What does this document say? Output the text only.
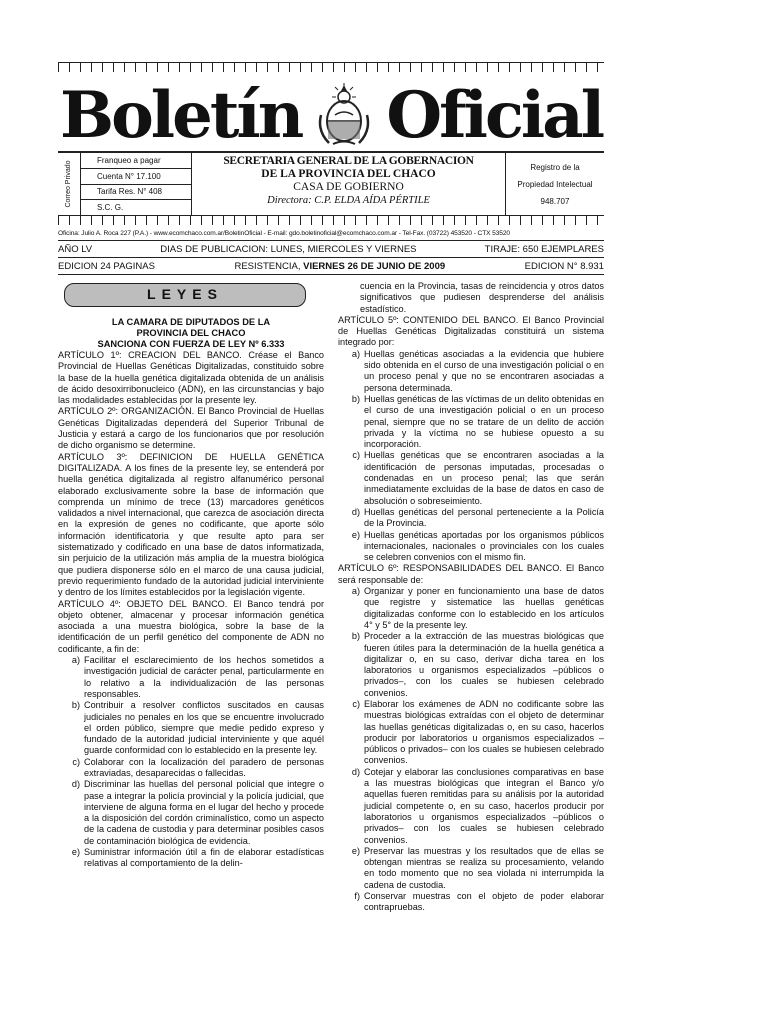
Boletín Oficial
Correo Privado
Franqueo a pagar
Cuenta N° 17.100
Tarifa Res. N° 408
S.C. G.
SECRETARIA GENERAL DE LA GOBERNACION
DE LA PROVINCIA DEL CHACO
CASA DE GOBIERNO
Directora: C.P. ELDA AÍDA PÉRTILE
Registro de la
Propiedad Intelectual
948.707
Oficina: Julio A. Roca 227 (P.A.) - www.ecomchaco.com.ar/BoletinOficial - E-mail: gdo.boletinoficial@ecomchaco.com.ar - Tel-Fax. (03722) 453520 - CTX 53520
AÑO LV	DIAS DE PUBLICACION: LUNES, MIERCOLES Y VIERNES	TIRAJE: 650 EJEMPLARES
EDICION 24 PAGINAS	RESISTENCIA, VIERNES 26 DE JUNIO DE 2009	EDICION N° 8.931
LEYES
LA CAMARA DE DIPUTADOS DE LA
PROVINCIA DEL CHACO
SANCIONA CON FUERZA DE LEY Nº 6.333

ARTÍCULO 1º: CREACION DEL BANCO. Créase el Banco Provincial de Huellas Genéticas Digitalizadas, constituido sobre la base de la huella genética digitalizada obtenida de un análisis de ácido desoxirribonucleico (ADN), en las circunstancias y bajo las modalidades establecidas por la presente ley.

ARTÍCULO 2º: ORGANIZACIÓN. El Banco Provincial de Huellas Genéticas Digitalizadas dependerá del Superior Tribunal de Justicia y estará a cargo de los funcionarios que por resolución de dicho organismo se determine.

ARTÍCULO 3º: DEFINICION DE HUELLA GENÉTICA DIGITALIZADA. A los fines de la presente ley, se entenderá por huella genética digitalizada al registro alfanumérico personal elaborado exclusivamente sobre la base de información que comprenda un mínimo de trece (13) marcadores genéticos validados a nivel internacional, que carezca de asociación directa en la expresión de genes no codificante, que aporte sólo información identificatoria y que resulte apto para ser sistematizado y codificado en una base de datos informatizada, sin perjuicio de la utilización más amplia de la muestra biológica que pudiera disponerse sólo en el marco de una causa judicial, previo requerimiento fundado de la autoridad judicial interviniente y dentro de los límites establecidos por la legislación vigente.

ARTÍCULO 4º: OBJETO DEL BANCO. El Banco tendrá por objeto obtener, almacenar y procesar información genética asociada a una muestra biológica, sobre la base de la identificación de un perfil genético del componente de ADN no codificante, a fin de:

a) Facilitar el esclarecimiento de los hechos sometidos a investigación judicial de carácter penal, particularmente en lo relativo a la individualización de las personas responsables.
b) Contribuir a resolver conflictos suscitados en causas judiciales no penales en los que se encuentre involucrado el orden público, siempre que medie pedido expreso y fundado de la autoridad judicial interviniente y que aquél guarde conformidad con lo establecido en la presente ley.
c) Colaborar con la localización del paradero de personas extraviadas, desaparecidas o fallecidas.
d) Discriminar las huellas del personal policial que integre o pase a integrar la policía provincial y la policía judicial, que interviene de alguna forma en el lugar del hecho y procede a la disposición del cordón criminalístico, como un aspecto de la cadena de custodia y para determinar posibles casos de contaminación biológica de evidencia.
e) Suministrar información útil a fin de elaborar estadísticas relativas al comportamiento de la delin-

cuencia en la Provincia, tasas de reincidencia y otros datos significativos que pudiesen desprenderse del análisis estadístico.

ARTÍCULO 5º: CONTENIDO DEL BANCO. El Banco Provincial de Huellas Genéticas Digitalizadas constituirá un sistema integrado por:

a) Huellas genéticas asociadas a la evidencia que hubiere sido obtenida en el curso de una investigación policial o en un proceso penal y que no se encontraren asociadas a persona determinada.
b) Huellas genéticas de las víctimas de un delito obtenidas en el curso de una investigación policial o en un proceso penal, siempre que no se tratare de un delito de acción privada y la víctima no se hubiese opuesto a su incorporación.
c) Huellas genéticas que se encontraren asociadas a la identificación de personas imputadas, procesadas o condenadas en un proceso penal; las que serán inmediatamente excluidas de la base de datos en caso de absolución o sobreseimiento.
d) Huellas genéticas del personal perteneciente a la Policía de la Provincia.
e) Huellas genéticas aportadas por los organismos públicos internacionales, nacionales o provinciales con los cuales se celebren convenios con el mismo fin.

ARTÍCULO 6º: RESPONSABILIDADES DEL BANCO. El Banco será responsable de:

a) Organizar y poner en funcionamiento una base de datos que registre y sistematice las huellas genéticas digitalizadas conforme con lo establecido en los artículos 4° y 5° de la presente ley.
b) Proceder a la extracción de las muestras biológicas que fueren útiles para la determinación de la huella genética a digitalizar o, en su caso, derivar dicha tarea en los laboratorios u organismos especializados –públicos o privados–, con los cuales se hubiesen celebrado convenios.
c) Elaborar los exámenes de ADN no codificante sobre las muestras biológicas extraídas con el objeto de determinar las huellas genéticas digitalizadas o, en su caso, hacerlos producir por laboratorios u organismos especializados –públicos o privados– con los cuales se hubiesen celebrado convenios.
d) Cotejar y elaborar las conclusiones comparativas en base a las muestras biológicas que integran el Banco y/o aquellas fueren remitidas para su análisis por la autoridad judicial competente o, en su caso, hacerlos producir por laboratorios u organismos especializados –públicos o privados– con los cuales se hubiesen celebrado convenios.
e) Preservar las muestras y los resultados que de ellas se obtengan mientras se realiza su procesamiento, velando en todo momento que no sea violada ni interrumpida la cadena de custodia.
f) Conservar muestras con el objeto de poder elaborar contrapruebas.
